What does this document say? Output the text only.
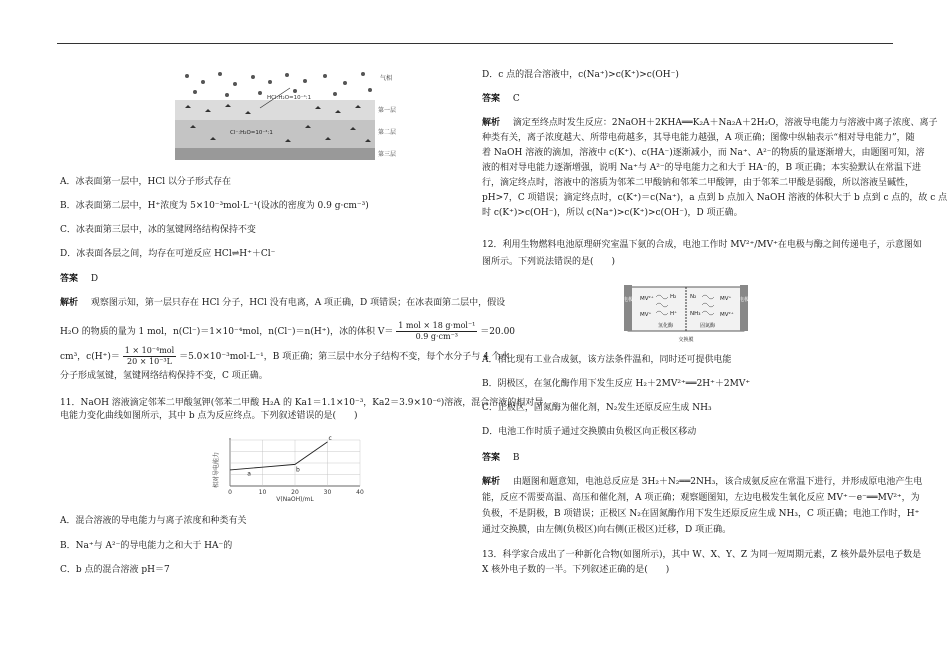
气相
HCl:H₂O=10⁻⁴:1
第一层
Cl⁻:H₂O=10⁻⁴:1	第二层
第三层
A．冰表面第一层中，HCl 以分子形式存在
B．冰表面第二层中，H⁺浓度为 5×10⁻³mol·L⁻¹(设冰的密度为 0.9 g·cm⁻³)
C．冰表面第三层中，冰的氢键网络结构保持不变
D．冰表面各层之间，均存在可逆反应 HCl⇌H⁺＋Cl⁻
答案 D
解析 观察图示知，第一层只存在 HCl 分子，HCl 没有电离，A 项正确，D 项错误；在冰表面第二层中，假设
H₂O 的物质的量为 1 mol，n(Cl⁻)＝1×10⁻⁴mol，n(Cl⁻)＝n(H⁺)，冰的体积 V＝
1 mol × 18 g·mol⁻¹
0.9 g·cm⁻³	＝20.00
cm³，c(H⁺)＝
1 × 10⁻⁴mol
20 × 10⁻³L ＝5.0×10⁻³mol·L⁻¹，B 项正确；第三层中水分子结构不变，每个水分子与 4 个水
分子形成氢键，氢键网络结构保持不变，C 项正确。
11．NaOH 溶液滴定邻苯二甲酸氢钾(邻苯二甲酸 H₂A 的 Ka1＝1.1×10⁻³，Ka2＝3.9×10⁻⁶)溶液，混合溶液的相对导
电能力变化曲线如图所示，其中 b 点为反应终点。下列叙述错误的是(　　)
相对导电能力
0	10	20	30	40
a
b
c
V(NaOH)/mL
A．混合溶液的导电能力与离子浓度和种类有关
B．Na⁺与 A²⁻的导电能力之和大于 HA⁻的
C．b 点的混合溶液 pH＝7
D．c 点的混合溶液中，c(Na⁺)>c(K⁺)>c(OH⁻)
答案 C
解析 滴定至终点时发生反应：2NaOH＋2KHA══K₂A＋Na₂A＋2H₂O，溶液导电能力与溶液中离子浓度、离子
种类有关，离子浓度越大、所带电荷越多，其导电能力越强，A 项正确；图像中纵轴表示“相对导电能力”，随
着 NaOH 溶液的滴加，溶液中 c(K⁺)、c(HA⁻)逐渐减小，而 Na⁺、A²⁻的物质的量逐渐增大，由题图可知，溶
液的相对导电能力逐渐增强，说明 Na⁺与 A²⁻的导电能力之和大于 HA⁻的，B 项正确；本实验默认在常温下进
行，滴定终点时，溶液中的溶质为邻苯二甲酸钠和邻苯二甲酸钾，由于邻苯二甲酸是弱酸，所以溶液呈碱性，
pH>7，C 项错误；滴定终点时，c(K⁺)＝c(Na⁺)，a 点到 b 点加入 NaOH 溶液的体积大于 b 点到 c 点的，故 c 点
时 c(K⁺)>c(OH⁻)，所以 c(Na⁺)>c(K⁺)>c(OH⁻)，D 项正确。
12．利用生物燃料电池原理研究室温下氨的合成，电池工作时 MV²⁺/MV⁺在电极与酶之间传递电子，示意图如
图所示。下列说法错误的是(　　)
电极	电极
MV²⁺
MV⁺
H₂
H⁺
N₂
NH₃
MV⁺
MV²⁺
氢化酶	固氮酶
交换膜
A．相比现有工业合成氨，该方法条件温和，同时还可提供电能
B．阴极区，在氢化酶作用下发生反应 H₂＋2MV²⁺══2H⁺＋2MV⁺
C．正极区，固氮酶为催化剂，N₂发生还原反应生成 NH₃
D．电池工作时质子通过交换膜由负极区向正极区移动
答案 B
解析 由题图和题意知，电池总反应是 3H₂＋N₂══2NH₃，该合成氨反应在常温下进行，并形成原电池产生电
能，反应不需要高温、高压和催化剂，A 项正确；观察题图知，左边电极发生氧化反应 MV⁺－e⁻══MV²⁺，为
负极，不是阴极，B 项错误；正极区 N₂在固氮酶作用下发生还原反应生成 NH₃，C 项正确；电池工作时，H⁺
通过交换膜，由左侧(负极区)向右侧(正极区)迁移，D 项正确。
13．科学家合成出了一种新化合物(如图所示)，其中 W、X、Y、Z 为同一短周期元素，Z 核外最外层电子数是
X 核外电子数的一半。下列叙述正确的是(　　)
